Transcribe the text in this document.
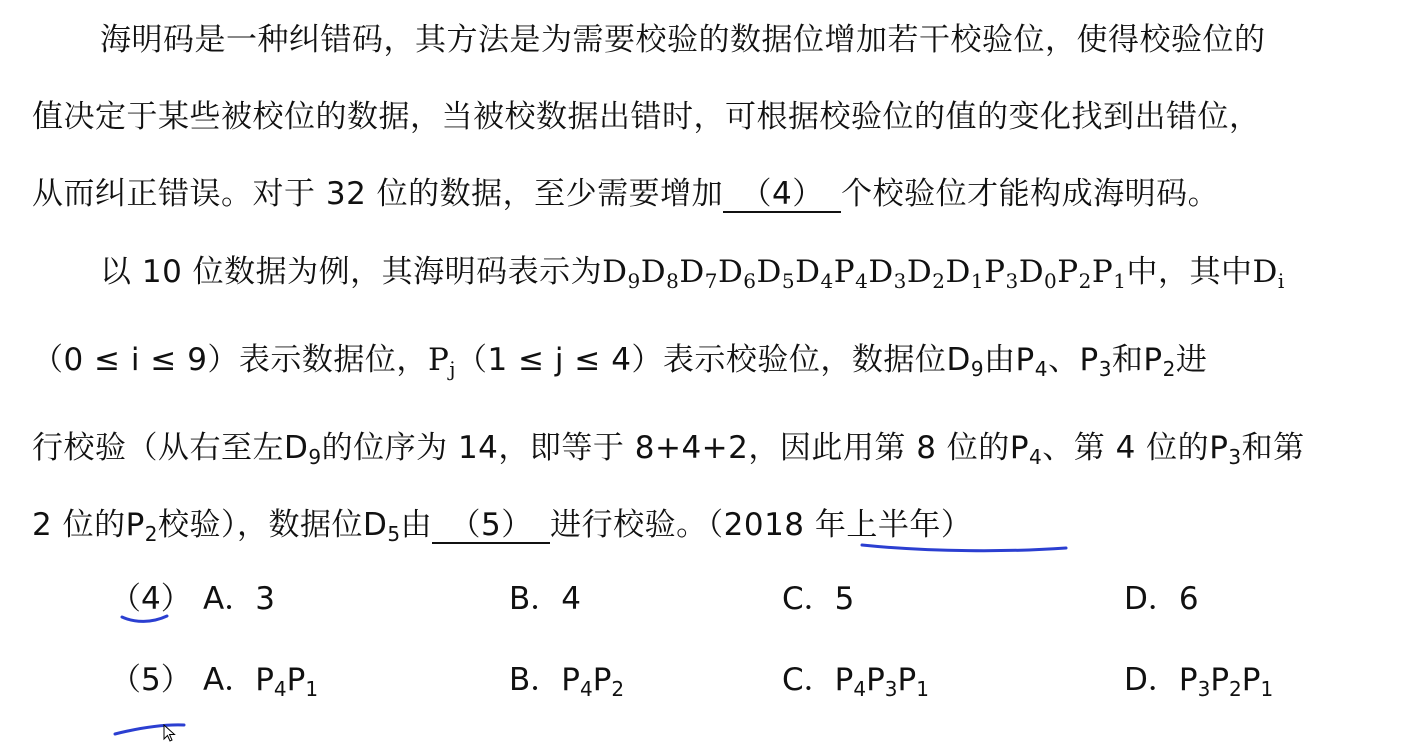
海明码是一种纠错码，其方法是为需要校验的数据位增加若干校验位，使得校验位的
值决定于某些被校位的数据，当被校数据出错时，可根据校验位的值的变化找到出错位，
从而纠正错误。对于 32 位的数据，至少需要增加 （4） 个校验位才能构成海明码。
以 10 位数据为例，其海明码表示为$D_9D_8D_7D_6D_5D_4P_4D_3D_2D_1P_3D_0P_2P_1$中，其中$D_i$
（0 ≤ i ≤ 9）表示数据位，$P_j(1 \le j \le 4)$表示校验位，数据位$D_9$由$P_4$、$P_3$和$P_2$进
行校验（从右至左$D_9$的位序为 14，即等于 8+4+2，因此用第 8 位的$P_4$、第 4 位的$P_3$和第
2 位的$P_2$校验），数据位$D_5$由 （5） 进行校验。（2018 年上半年）
（4） A．3	B．4	C．5	D．6
（5） A．$P_4P_1$	B．$P_4P_2$	C．$P_4P_3P_1$	D．$P_3P_2P_1$
